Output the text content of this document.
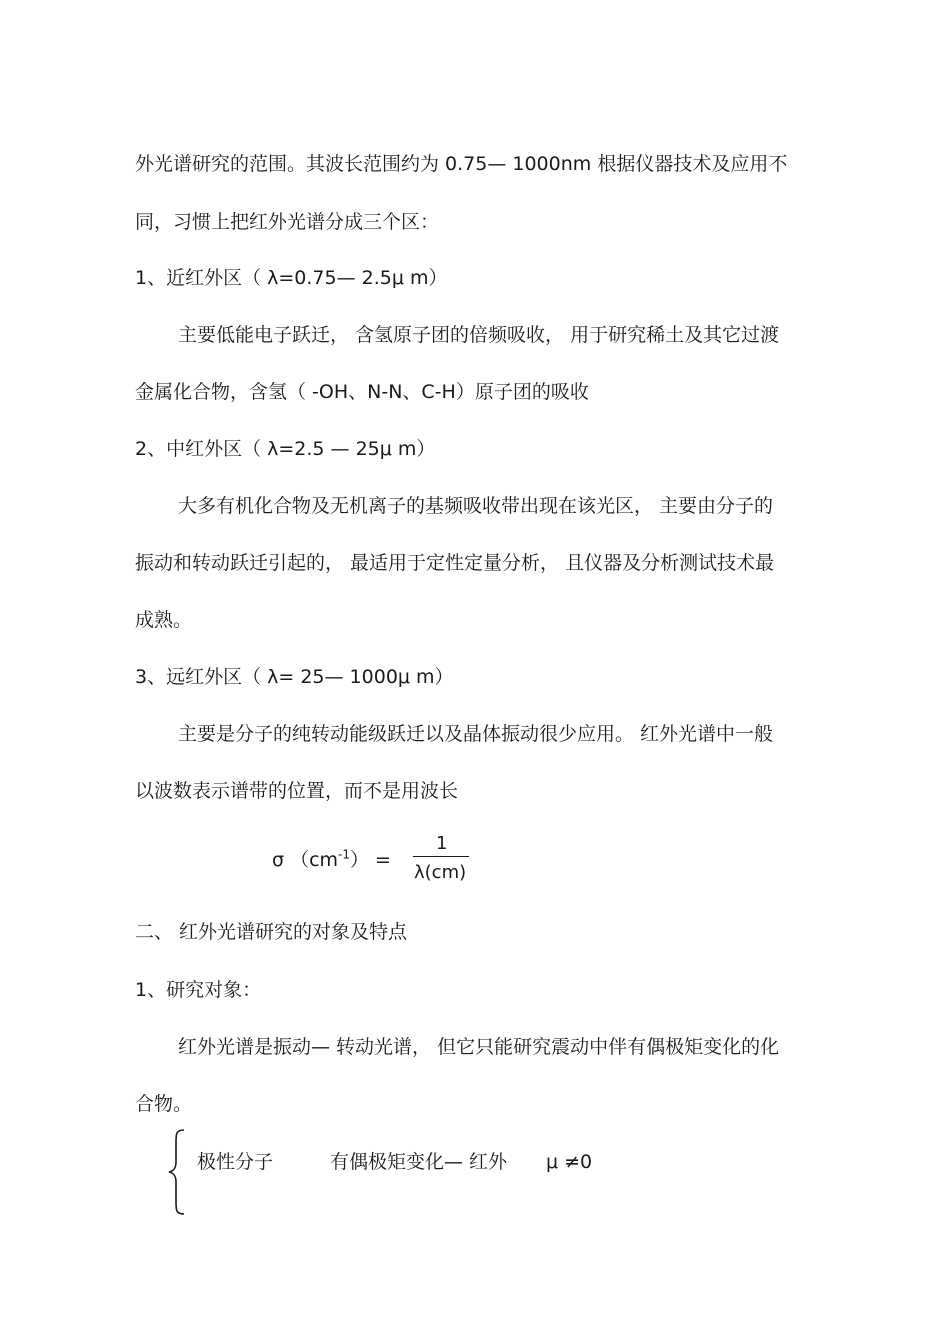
外光谱研究的范围。其波长范围约为 0.75— 1000nm 根据仪器技术及应用不
同，习惯上把红外光谱分成三个区：
1、近红外区（ λ=0.75— 2.5μ m）
主要低能电子跃迁， 含氢原子团的倍频吸收， 用于研究稀土及其它过渡
金属化合物，含氢（ -OH、N-N、C-H）原子团的吸收
2、中红外区（ λ=2.5 — 25μ m）
大多有机化合物及无机离子的基频吸收带出现在该光区， 主要由分子的
振动和转动跃迁引起的， 最适用于定性定量分析， 且仪器及分析测试技术最
成熟。
3、远红外区（ λ= 25— 1000μ m）
主要是分子的纯转动能级跃迁以及晶体振动很少应用。 红外光谱中一般
以波数表示谱带的位置，而不是用波长
σ $(cm^{-1})$ =
1
λ(cm)
二、 红外光谱研究的对象及特点
1、研究对象：
红外光谱是振动— 转动光谱， 但它只能研究震动中伴有偶极矩变化的化
合物。
极性分子	有偶极矩变化— 红外 μ ≠0
